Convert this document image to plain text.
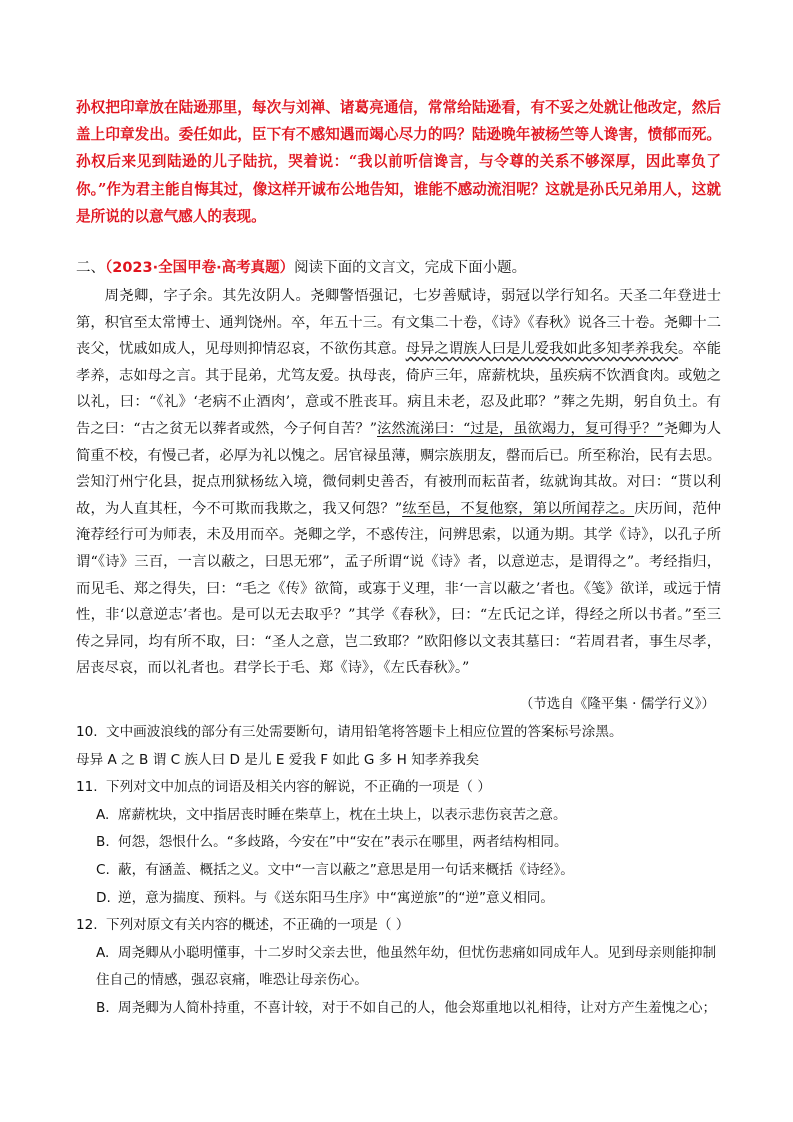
孙权把印章放在陆逊那里，每次与刘禅、诸葛亮通信，常常给陆逊看，有不妥之处就让他改定，然后盖上印章发出。委任如此，臣下有不感知遇而竭心尽力的吗？陆逊晚年被杨竺等人谗害，愤郁而死。孙权后来见到陆逊的儿子陆抗，哭着说：“我以前听信谗言，与令尊的关系不够深厚，因此辜负了你。”作为君主能自悔其过，像这样开诚布公地告知，谁能不感动流泪呢？这就是孙氏兄弟用人，这就是所说的以意气感人的表现。

二、（2023·全国甲卷·高考真题）阅读下面的文言文，完成下面小题。

周尧卿，字子余。其先汝阴人。尧卿警悟强记，七岁善赋诗，弱冠以学行知名。天圣二年登进士第，积官至太常博士、通判饶州。卒，年五十三。有文集二十卷，《诗》《春秋》说各三十卷。尧卿十二丧父，忧戚如成人，见母则抑情忍哀，不欲伤其意。母异之谓族人曰是儿爱我如此多知孝养我矣。卒能孝养，志如母之言。其于昆弟，尤笃友爱。执母丧，倚庐三年，席薪枕块，虽疾病不饮酒食肉。或勉之以礼，曰：“《礼》‘老病不止酒肉’，意或不胜丧耳。病且未老，忍及此耶？”葬之先期，躬自负土。有告之曰：“古之贫无以葬者或然，今子何自苦？”泫然流涕曰：“过是，虽欲竭力，复可得乎？”尧卿为人简重不校，有慢己者，必厚为礼以愧之。居官禄虽薄，赒宗族朋友，罄而后已。所至称治，民有去思。尝知汀州宁化县，捉点刑狱杨纮入境，微伺剌史善否，有被刑而耘苗者，纮就询其故。对曰：“贳以利故，为人直其枉，今不可欺而我欺之，我又何怨？”纮至邑，不复他察，第以所闻荐之。庆历间，范仲淹荐经行可为师表，未及用而卒。尧卿之学，不惑传注，问辨思索，以通为期。其学《诗》，以孔子所谓“《诗》三百，一言以蔽之，曰思无邪”，孟子所谓“说《诗》者，以意逆志，是谓得之”。考经指归，而见毛、郑之得失，曰：“毛之《传》欲简，或寡于义理，非‘一言以蔽之’者也。《笺》欲详，或远于情性，非‘以意逆志’者也。是可以无去取乎？”其学《春秋》，曰：“左氏记之详，得经之所以书者。”至三传之异同，均有所不取，曰：“圣人之意，岂二致耶？”欧阳修以文表其墓曰：“若周君者，事生尽孝，居丧尽哀，而以礼者也。君学长于毛、郑《诗》，《左氏春秋》。”

（节选自《隆平集 · 儒学行义》）

10. 文中画波浪线的部分有三处需要断句，请用铅笔将答题卡上相应位置的答案标号涂黑。

母异 A 之 B 谓 C 族人曰 D 是儿 E 爱我 F 如此 G 多 H 知孝养我矣

11. 下列对文中加点的词语及相关内容的解说，不正确的一项是（ ）

A. 席薪枕块，文中指居丧时睡在柴草上，枕在土块上，以表示悲伤哀苦之意。

B. 何怨，怨恨什么。“多歧路，今安在”中“安在”表示在哪里，两者结构相同。

C. 蔽，有涵盖、概括之义。文中“一言以蔽之”意思是用一句话来概括《诗经》。

D. 逆，意为揣度、预料。与《送东阳马生序》中“寓逆旅”的“逆”意义相同。

12. 下列对原文有关内容的概述，不正确的一项是（ ）

A. 周尧卿从小聪明懂事，十二岁时父亲去世，他虽然年幼，但忧伤悲痛如同成年人。见到母亲则能抑制住自己的情感，强忍哀痛，唯恐让母亲伤心。

B. 周尧卿为人简朴持重，不喜计较，对于不如自己的人，他会郑重地以礼相待，让对方产生羞愧之心；
